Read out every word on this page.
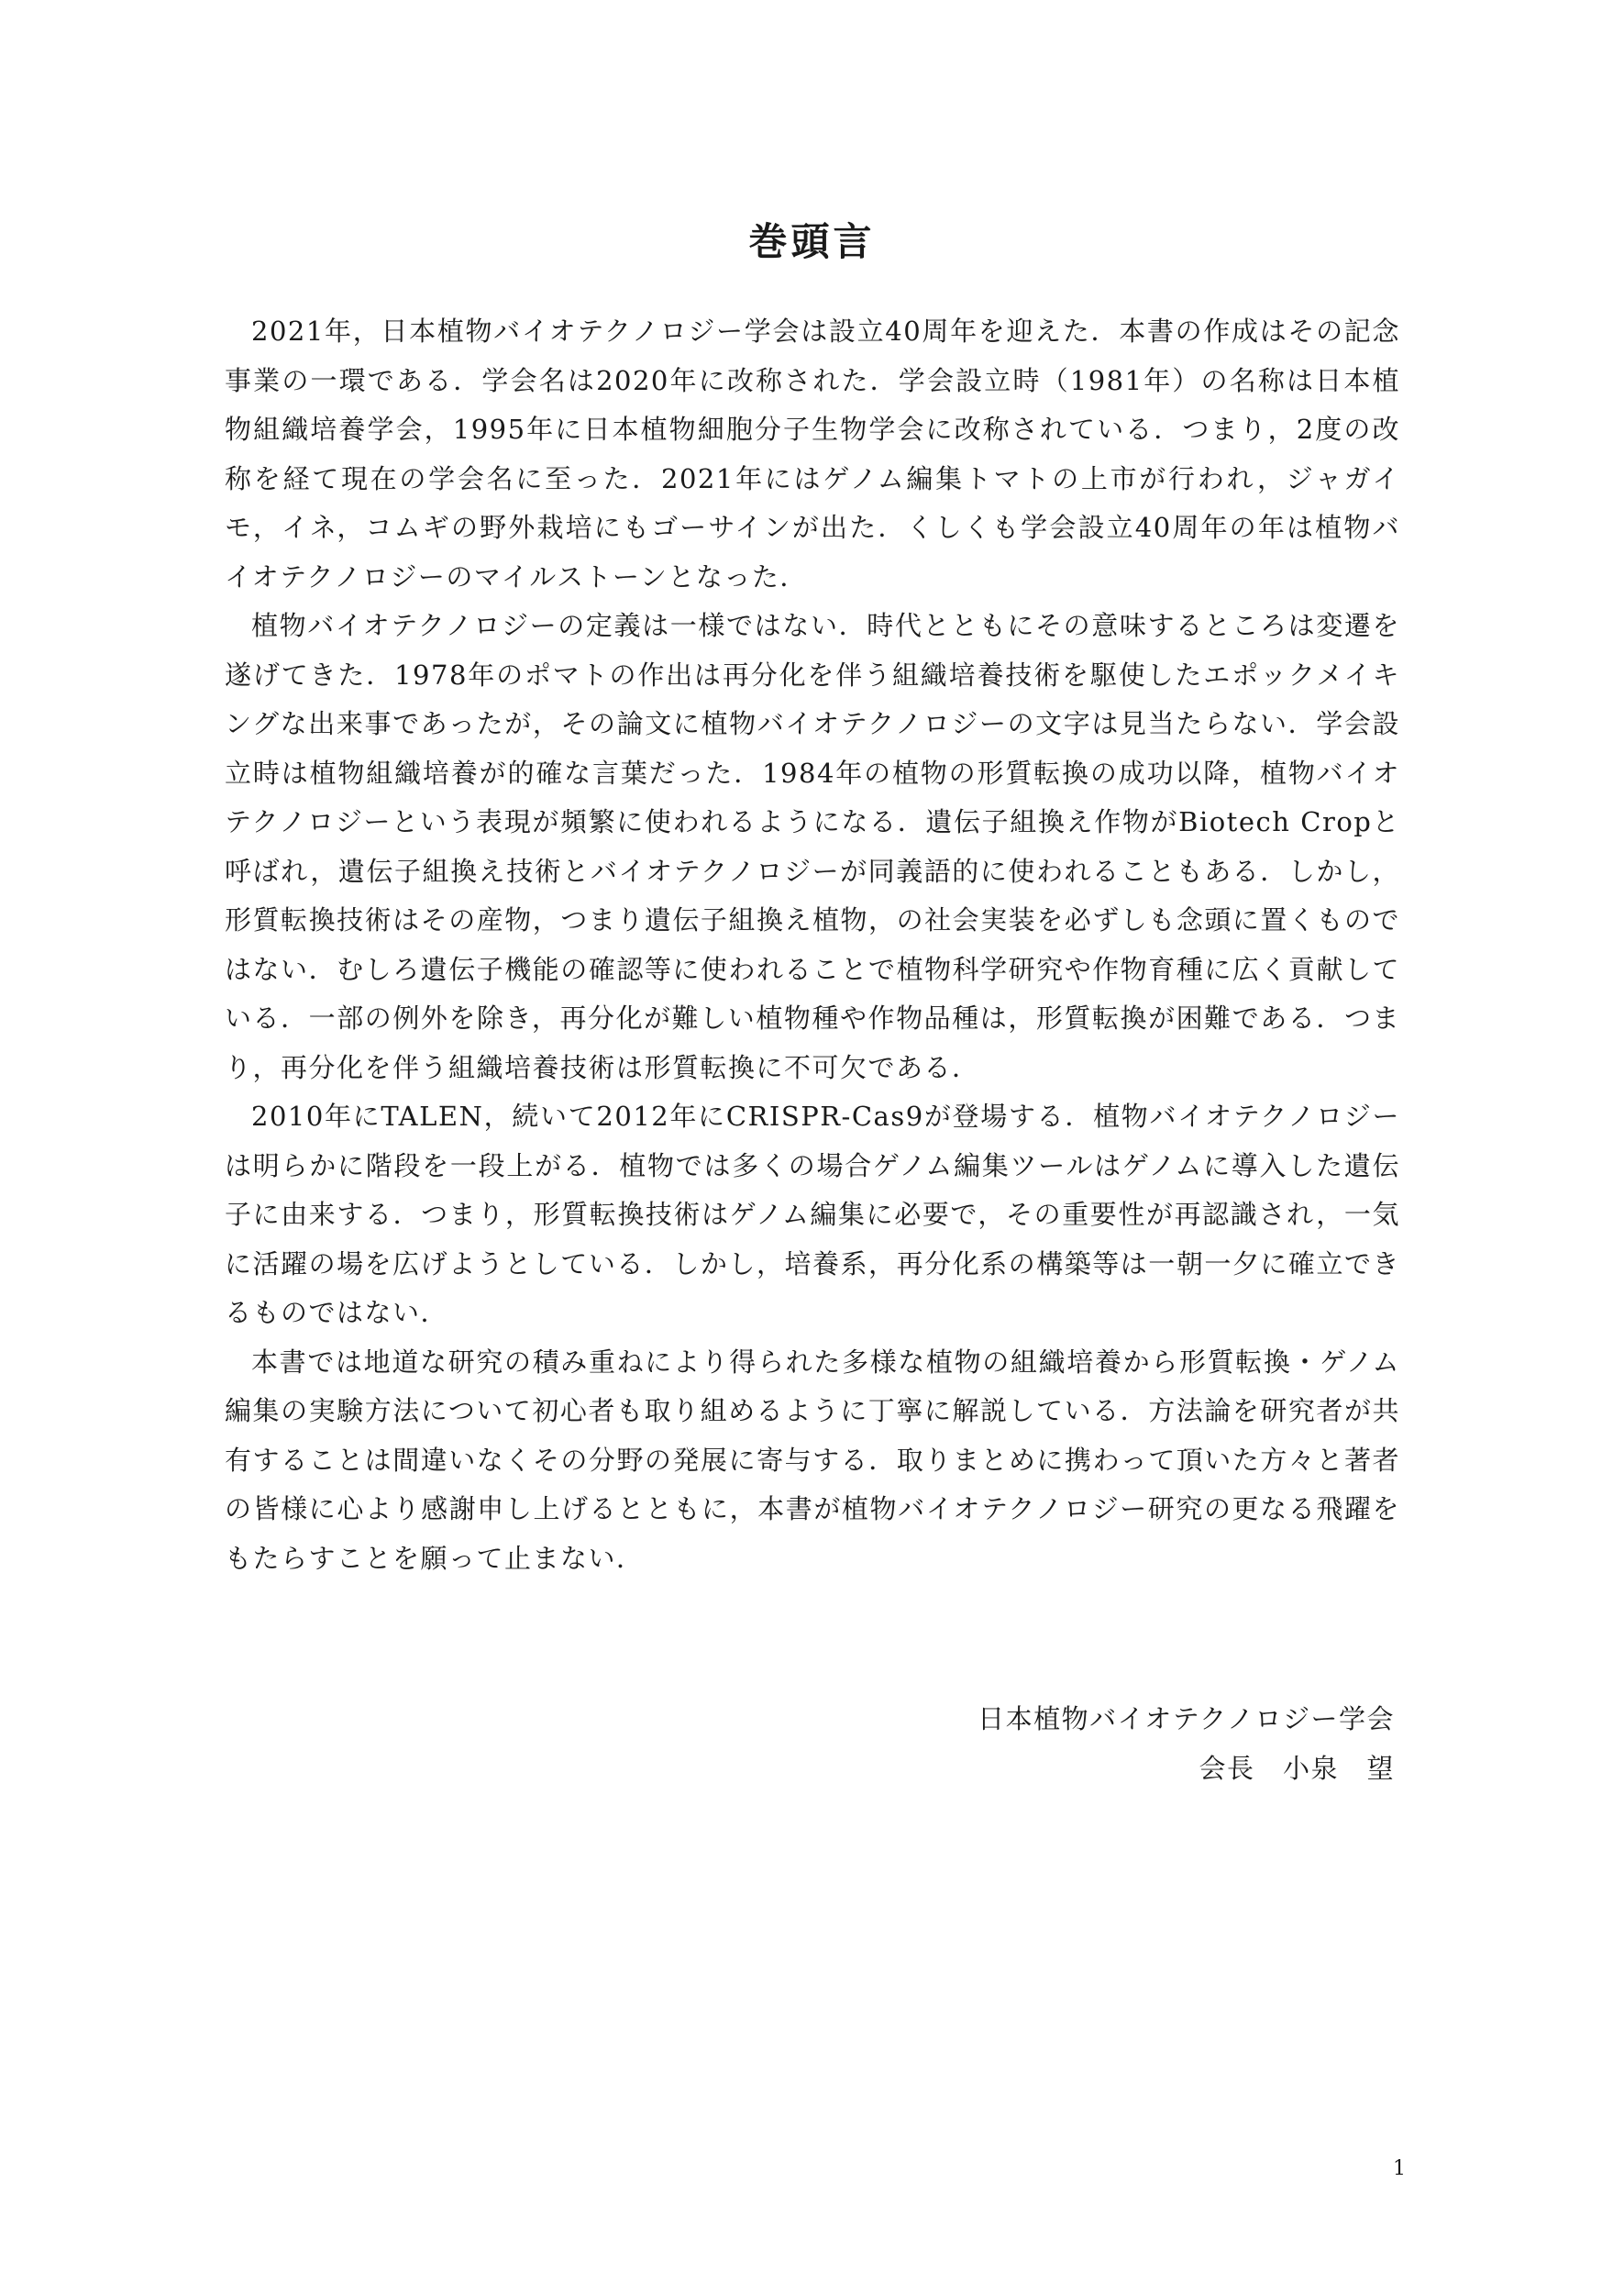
巻頭言

2021年，日本植物バイオテクノロジー学会は設立40周年を迎えた．本書の作成はその記念事業の一環である．学会名は2020年に改称された．学会設立時（1981年）の名称は日本植物組織培養学会，1995年に日本植物細胞分子生物学会に改称されている．つまり，2度の改称を経て現在の学会名に至った．2021年にはゲノム編集トマトの上市が行われ，ジャガイモ，イネ，コムギの野外栽培にもゴーサインが出た．くしくも学会設立40周年の年は植物バイオテクノロジーのマイルストーンとなった．

植物バイオテクノロジーの定義は一様ではない．時代とともにその意味するところは変遷を遂げてきた．1978年のポマトの作出は再分化を伴う組織培養技術を駆使したエポックメイキングな出来事であったが，その論文に植物バイオテクノロジーの文字は見当たらない．学会設立時は植物組織培養が的確な言葉だった．1984年の植物の形質転換の成功以降，植物バイオテクノロジーという表現が頻繁に使われるようになる．遺伝子組換え作物がBiotech Cropと呼ばれ，遺伝子組換え技術とバイオテクノロジーが同義語的に使われることもある．しかし，形質転換技術はその産物，つまり遺伝子組換え植物，の社会実装を必ずしも念頭に置くものではない．むしろ遺伝子機能の確認等に使われることで植物科学研究や作物育種に広く貢献している．一部の例外を除き，再分化が難しい植物種や作物品種は，形質転換が困難である．つまり，再分化を伴う組織培養技術は形質転換に不可欠である．

2010年にTALEN，続いて2012年にCRISPR-Cas9が登場する．植物バイオテクノロジーは明らかに階段を一段上がる．植物では多くの場合ゲノム編集ツールはゲノムに導入した遺伝子に由来する．つまり，形質転換技術はゲノム編集に必要で，その重要性が再認識され，一気に活躍の場を広げようとしている．しかし，培養系，再分化系の構築等は一朝一夕に確立できるものではない．

本書では地道な研究の積み重ねにより得られた多様な植物の組織培養から形質転換・ゲノム編集の実験方法について初心者も取り組めるように丁寧に解説している．方法論を研究者が共有することは間違いなくその分野の発展に寄与する．取りまとめに携わって頂いた方々と著者の皆様に心より感謝申し上げるとともに，本書が植物バイオテクノロジー研究の更なる飛躍をもたらすことを願って止まない．

日本植物バイオテクノロジー学会
会長　小泉　望
1
